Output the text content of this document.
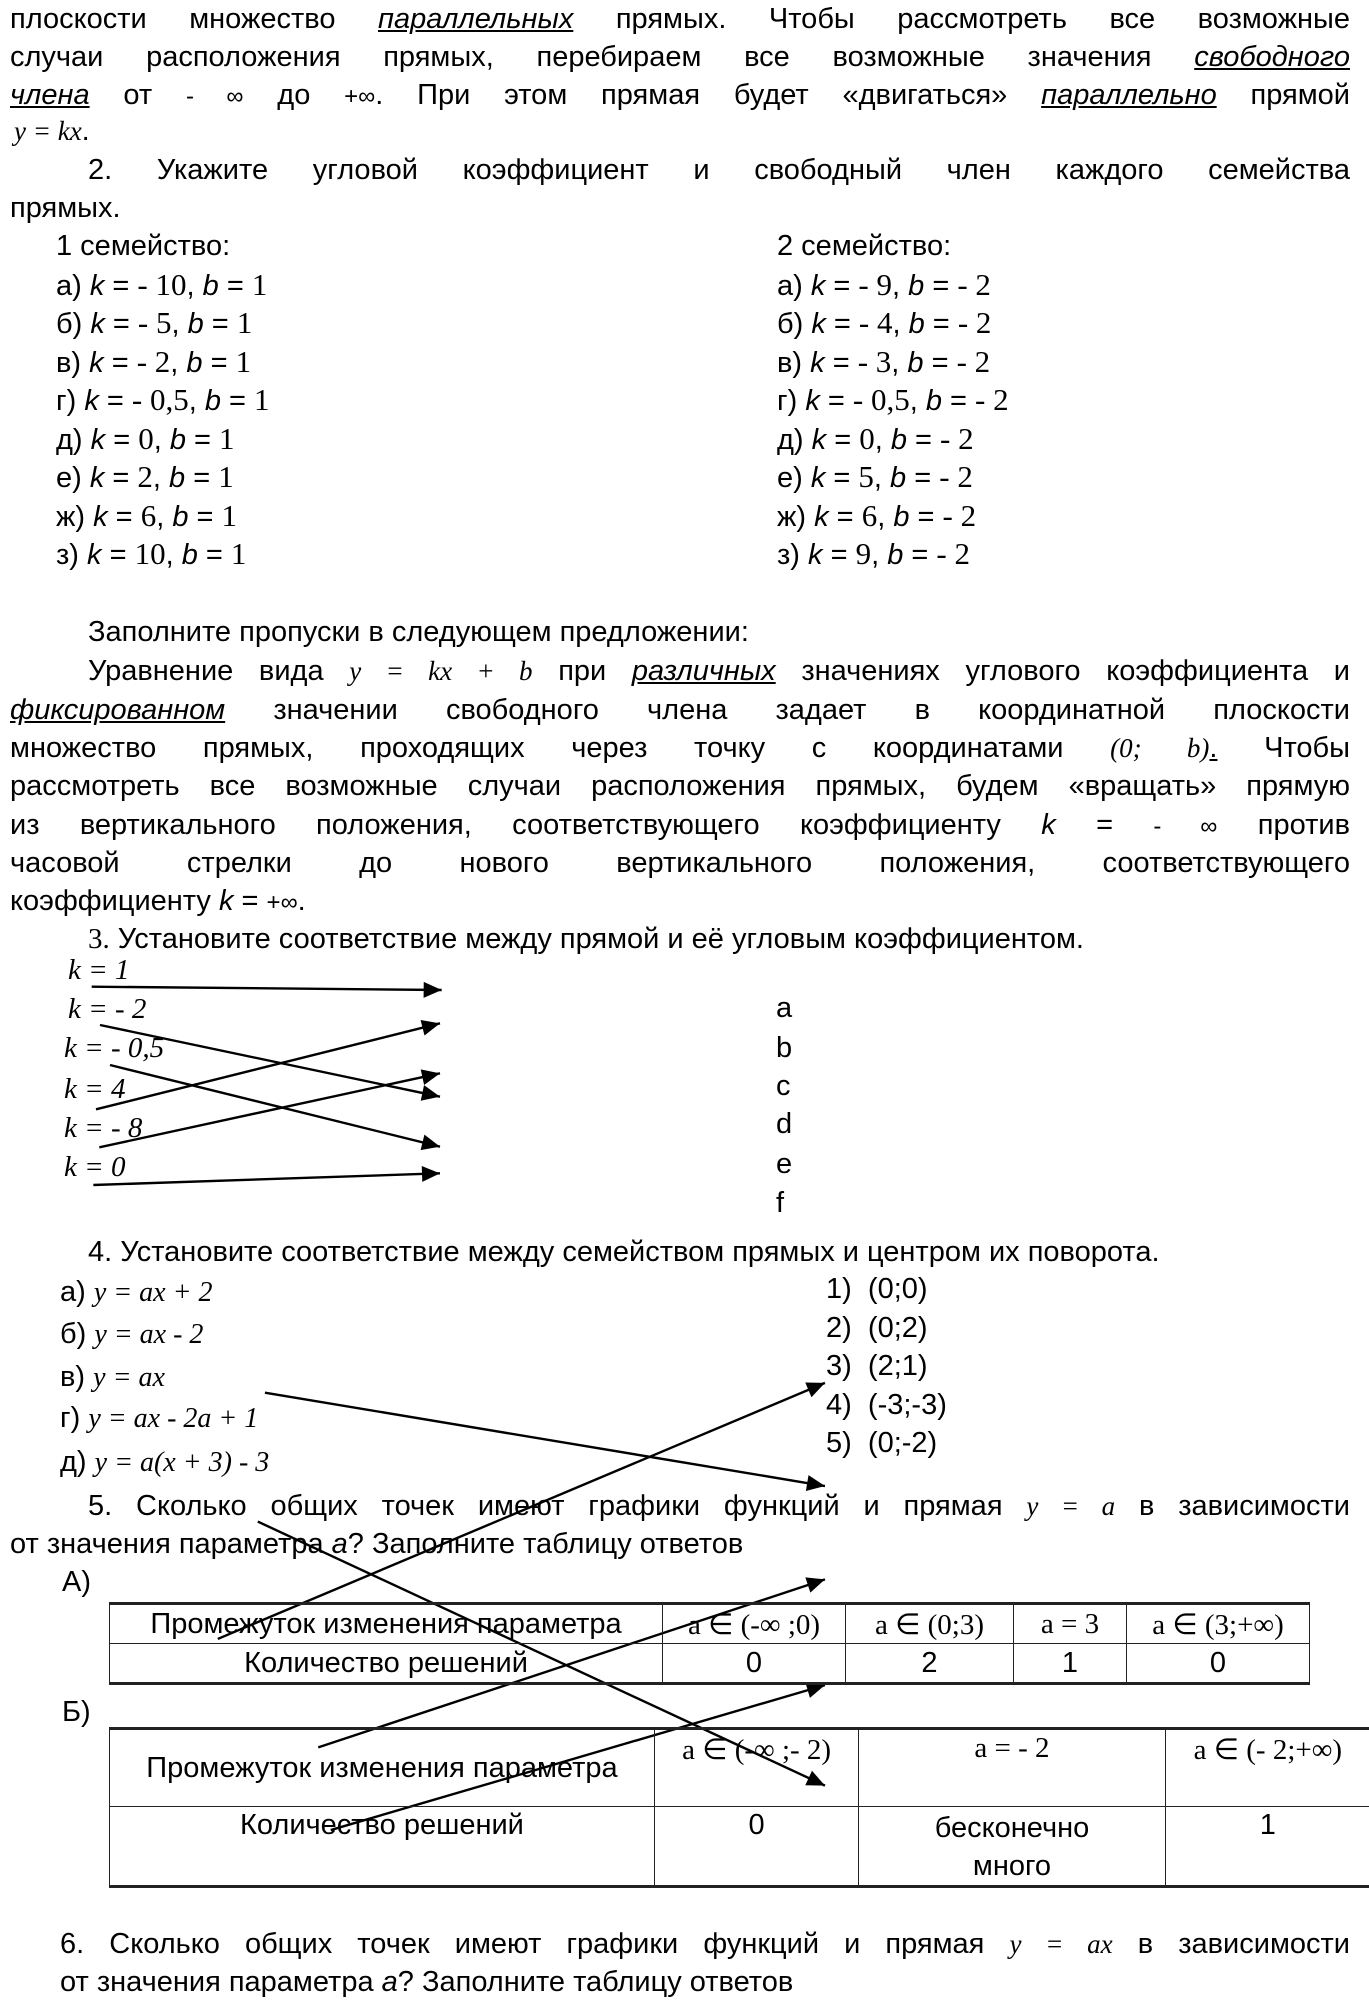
плоскости множество параллельных прямых. Чтобы рассмотреть все возможные
случаи расположения прямых, перебираем все возможные значения свободного
члена от - ∞ до +∞. При этом прямая будет «двигаться» параллельно прямой
y = kx.
2. Укажите угловой коэффициент и свободный член каждого семейства
прямых.
1 семейство:
а) k = - 10, b = 1
б) k = - 5, b = 1
в) k = - 2, b = 1
г) k = - 0,5, b = 1
д) k = 0, b = 1
е) k = 2, b = 1
ж) k = 6, b = 1
з) k = 10, b = 1
2 семейство:
а) k = - 9, b = - 2
б) k = - 4, b = - 2
в) k = - 3, b = - 2
г) k = - 0,5, b = - 2
д) k = 0, b = - 2
е) k = 5, b = - 2
ж) k = 6, b = - 2
з) k = 9, b = - 2
Заполните пропуски в следующем предложении:
Уравнение вида y = kx + b при различных значениях углового коэффициента и
фиксированном значении свободного члена задает в координатной плоскости
множество прямых, проходящих через точку с координатами (0; b). Чтобы
рассмотреть все возможные случаи расположения прямых, будем «вращать» прямую
из вертикального положения, соответствующего коэффициенту k = - ∞ против
часовой стрелки до нового вертикального положения, соответствующего
коэффициенту k = +∞.
3. Установите соответствие между прямой и её угловым коэффициентом.
k = 1
k = - 2
k = - 0,5
k = 4
k = - 8
k = 0
a
b
c
d
e
f
4. Установите соответствие между семейством прямых и центром их поворота.
а) y = ax + 2
б) y = ax - 2
в) y = ax
г) y = ax - 2a + 1
д) y = a(x + 3) - 3
1) (0;0)
2) (0;2)
3) (2;1)
4) (-3;-3)
5) (0;-2)
5. Сколько общих точек имеют графики функций и прямая y = a в зависимости
от значения параметра a? Заполните таблицу ответов
А)
Промежуток изменения параметра	a ∈ (-∞ ;0)	a ∈ (0;3)	a = 3	a ∈ (3;+∞)
Количество решений	0	2	1	0
Б)
Промежуток изменения параметра	a ∈ (-∞ ;- 2)	a = - 2	a ∈ (- 2;+∞)
Количество решений	0	бесконечно много	1
6. Сколько общих точек имеют графики функций и прямая y = ax в зависимости
от значения параметра a? Заполните таблицу ответов
